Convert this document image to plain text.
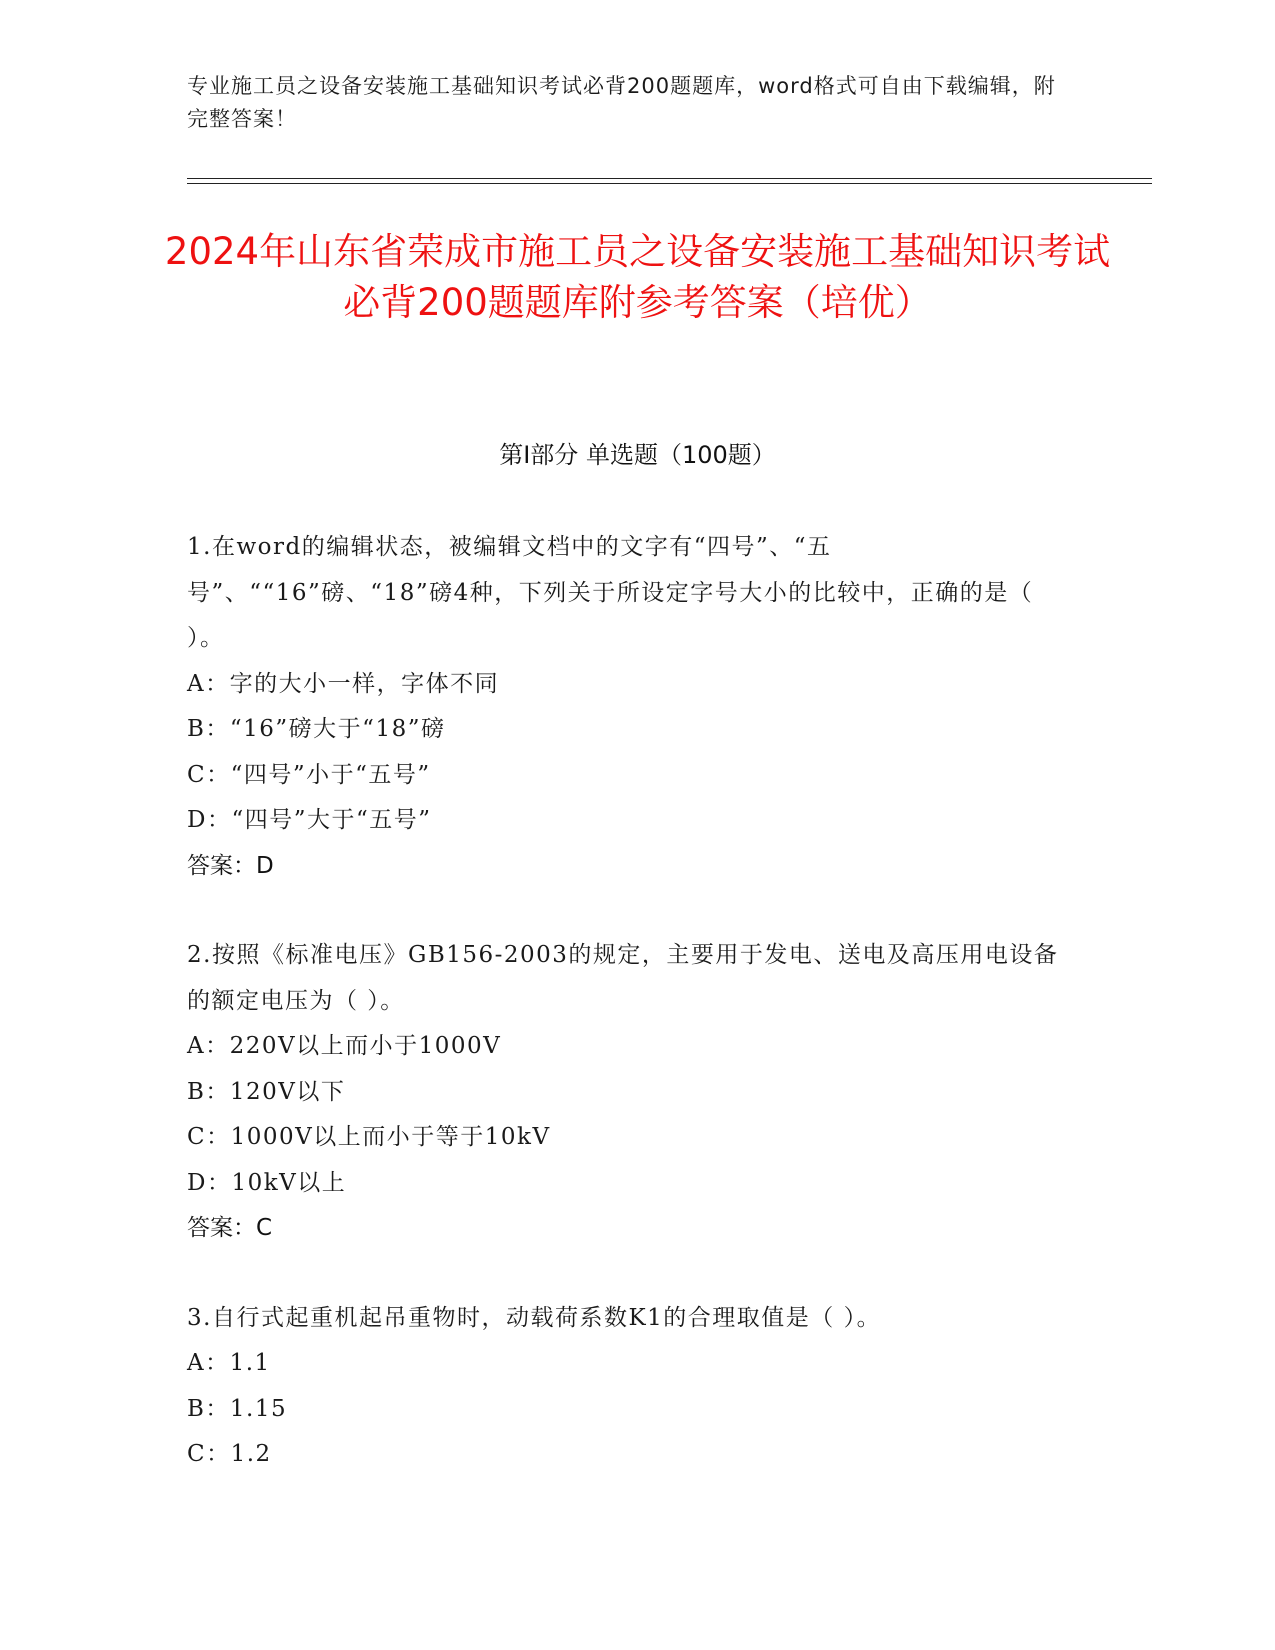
专业施工员之设备安装施工基础知识考试必背200题题库，word格式可自由下载编辑，附完整答案！
2024年山东省荣成市施工员之设备安装施工基础知识考试必背200题题库附参考答案（培优）
第Ⅰ部分 单选题（100题）

1.在word的编辑状态，被编辑文档中的文字有“四号”、“五号”、““16”磅、“18”磅4种，下列关于所设定字号大小的比较中，正确的是（ ）。

A：字的大小一样，字体不同

B：“16”磅大于“18”磅

C：“四号”小于“五号”

D：“四号”大于“五号”

答案：D

2.按照《标准电压》GB156-2003的规定，主要用于发电、送电及高压用电设备的额定电压为（ ）。

A：220V以上而小于1000V

B：120V以下

C：1000V以上而小于等于10kV

D：10kV以上

答案：C

3.自行式起重机起吊重物时，动载荷系数K1的合理取值是（ ）。

A：1.1

B：1.15

C：1.2
